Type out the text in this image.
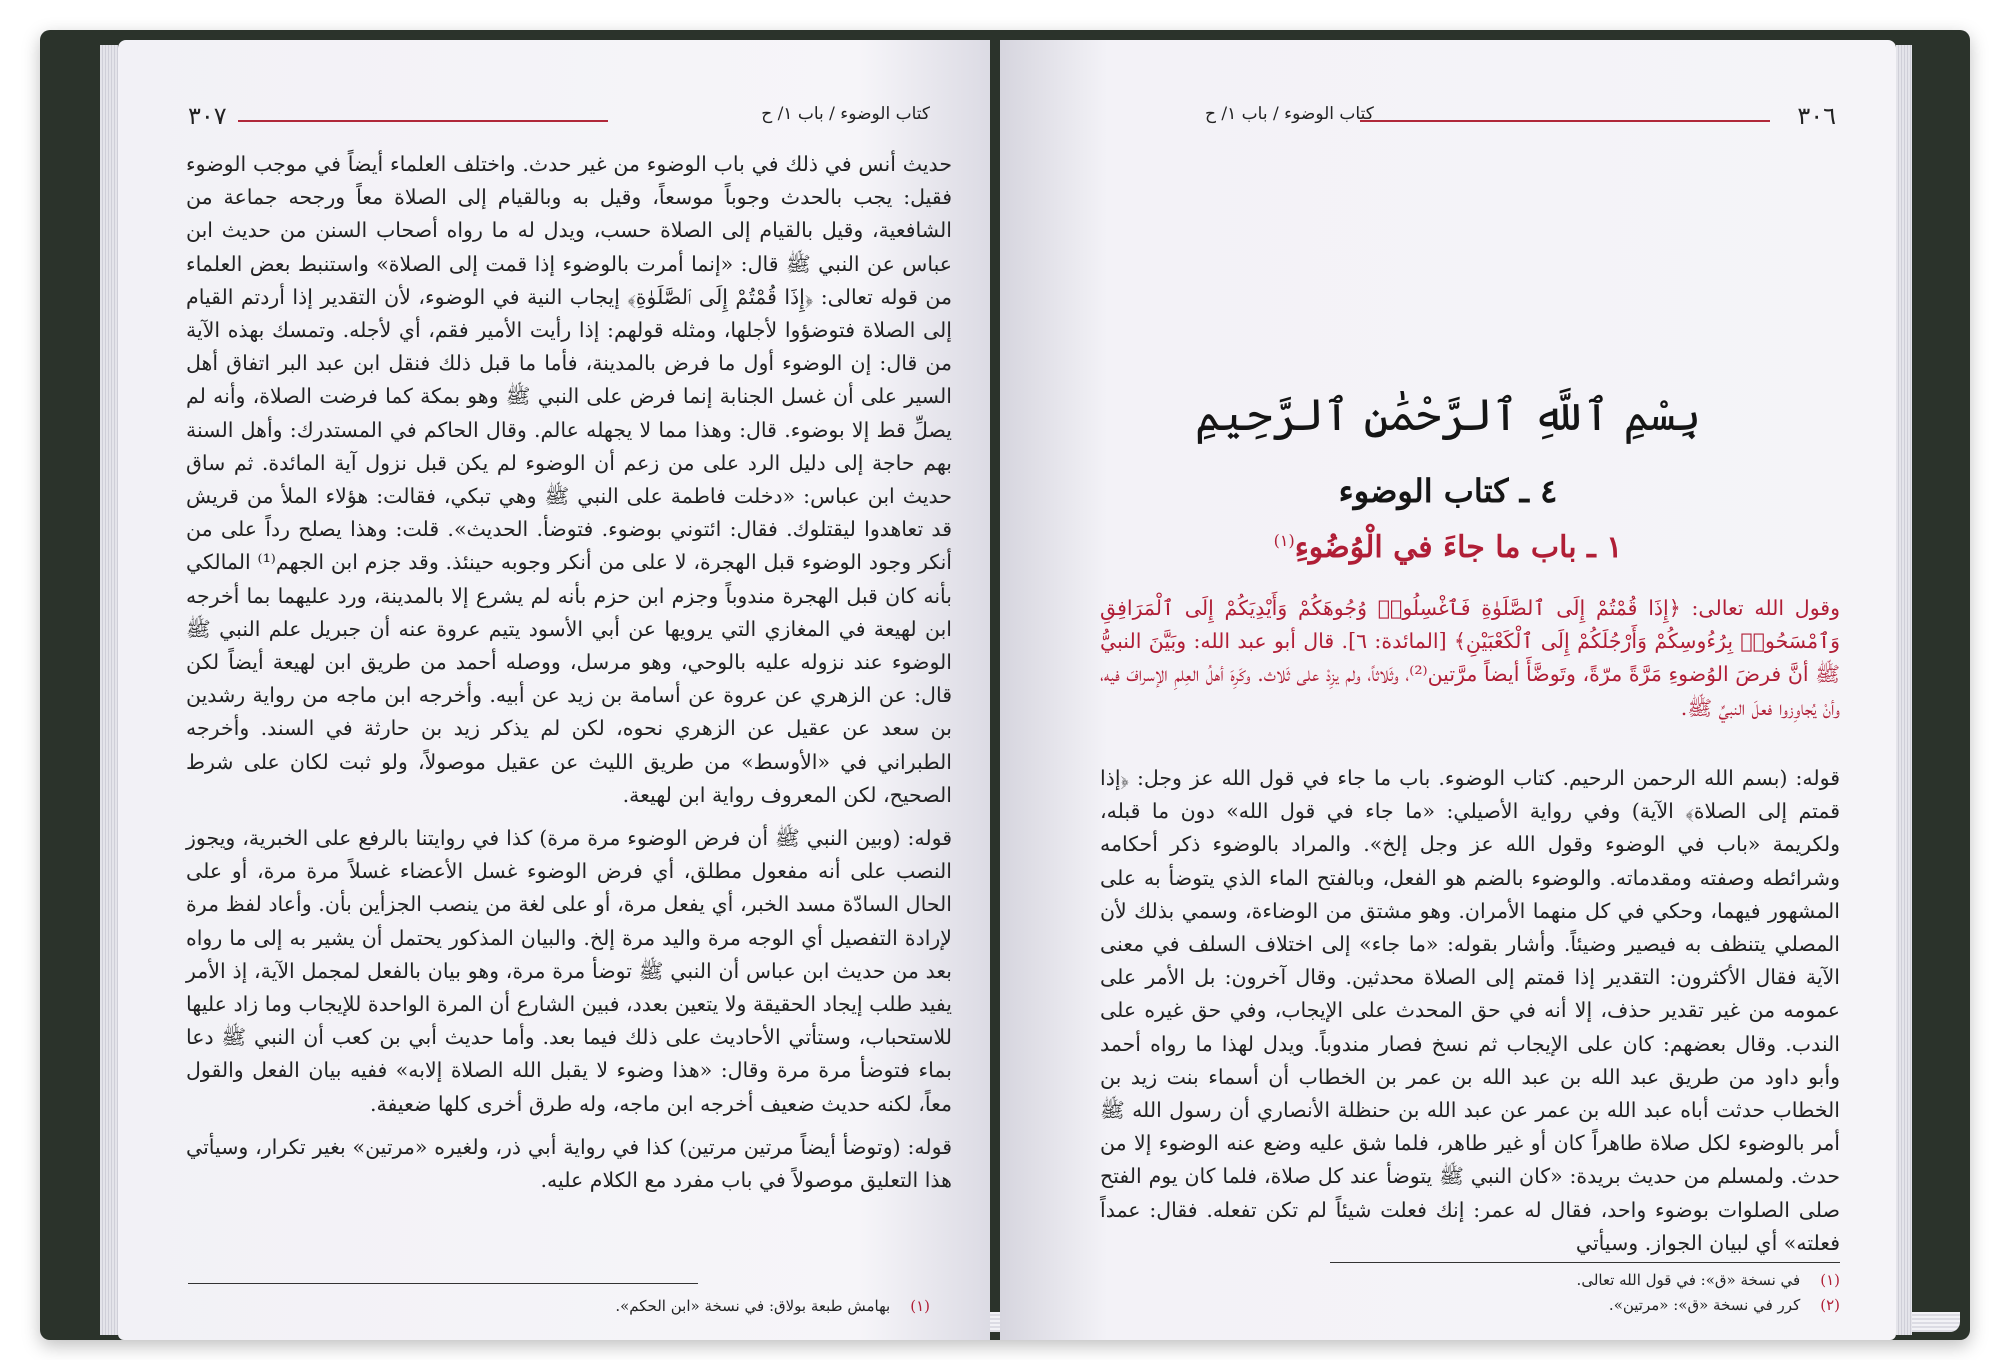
٣٠٧	كتاب الوضوء / باب ١/ ح

حديث أنس في ذلك في باب الوضوء من غير حدث. واختلف العلماء أيضاً في موجب الوضوء فقيل: يجب بالحدث وجوباً موسعاً، وقيل به وبالقيام إلى الصلاة معاً ورجحه جماعة من الشافعية، وقيل بالقيام إلى الصلاة حسب، ويدل له ما رواه أصحاب السنن من حديث ابن عباس عن النبي ﷺ قال: «إنما أمرت بالوضوء إذا قمت إلى الصلاة» واستنبط بعض العلماء من قوله تعالى: ﴿إِذَا قُمْتُمْ إِلَى ٱلصَّلَوٰةِ﴾ إيجاب النية في الوضوء، لأن التقدير إذا أردتم القيام إلى الصلاة فتوضؤوا لأجلها، ومثله قولهم: إذا رأيت الأمير فقم، أي لأجله. وتمسك بهذه الآية من قال: إن الوضوء أول ما فرض بالمدينة، فأما ما قبل ذلك فنقل ابن عبد البر اتفاق أهل السير على أن غسل الجنابة إنما فرض على النبي ﷺ وهو بمكة كما فرضت الصلاة، وأنه لم يصلِّ قط إلا بوضوء. قال: وهذا مما لا يجهله عالم. وقال الحاكم في المستدرك: وأهل السنة بهم حاجة إلى دليل الرد على من زعم أن الوضوء لم يكن قبل نزول آية المائدة. ثم ساق حديث ابن عباس: «دخلت فاطمة على النبي ﷺ وهي تبكي، فقالت: هؤلاء الملأ من قريش قد تعاهدوا ليقتلوك. فقال: ائتوني بوضوء. فتوضأ. الحديث». قلت: وهذا يصلح رداً على من أنكر وجود الوضوء قبل الهجرة، لا على من أنكر وجوبه حينئذ. وقد جزم ابن الجهم⁽¹⁾ المالكي بأنه كان قبل الهجرة مندوباً وجزم ابن حزم بأنه لم يشرع إلا بالمدينة، ورد عليهما بما أخرجه ابن لهيعة في المغازي التي يرويها عن أبي الأسود يتيم عروة عنه أن جبريل علم النبي ﷺ الوضوء عند نزوله عليه بالوحي، وهو مرسل، ووصله أحمد من طريق ابن لهيعة أيضاً لكن قال: عن الزهري عن عروة عن أسامة بن زيد عن أبيه. وأخرجه ابن ماجه من رواية رشدين بن سعد عن عقيل عن الزهري نحوه، لكن لم يذكر زيد بن حارثة في السند. وأخرجه الطبراني في «الأوسط» من طريق الليث عن عقيل موصولاً، ولو ثبت لكان على شرط الصحيح، لكن المعروف رواية ابن لهيعة.

قوله: (وبين النبي ﷺ أن فرض الوضوء مرة مرة) كذا في روايتنا بالرفع على الخبرية، ويجوز النصب على أنه مفعول مطلق، أي فرض الوضوء غسل الأعضاء غسلاً مرة مرة، أو على الحال السادّة مسد الخبر، أي يفعل مرة، أو على لغة من ينصب الجزأين بأن. وأعاد لفظ مرة لإرادة التفصيل أي الوجه مرة واليد مرة إلخ. والبيان المذكور يحتمل أن يشير به إلى ما رواه بعد من حديث ابن عباس أن النبي ﷺ توضأ مرة مرة، وهو بيان بالفعل لمجمل الآية، إذ الأمر يفيد طلب إيجاد الحقيقة ولا يتعين بعدد، فبين الشارع أن المرة الواحدة للإيجاب وما زاد عليها للاستحباب، وستأتي الأحاديث على ذلك فيما بعد. وأما حديث أبي بن كعب أن النبي ﷺ دعا بماء فتوضأ مرة مرة وقال: «هذا وضوء لا يقبل الله الصلاة إلابه» ففيه بيان الفعل والقول معاً، لكنه حديث ضعيف أخرجه ابن ماجه، وله طرق أخرى كلها ضعيفة.

قوله: (وتوضأ أيضاً مرتين مرتين) كذا في رواية أبي ذر، ولغيره «مرتين» بغير تكرار، وسيأتي هذا التعليق موصولاً في باب مفرد مع الكلام عليه.

(١)بهامش طبعة بولاق: في نسخة «ابن الحكم».
٣٠٦
كتاب الوضوء / باب ١/ ح
بِسْمِ ٱللَّهِ ٱلرَّحْمَٰنِ ٱلرَّحِيمِ
٤ ـ كتاب الوضوء
١ ـ باب ما جاءَ في الْوُضُوءِ$^{(١)}$

وقول الله تعالى: ﴿إِذَا قُمْتُمْ إِلَى ٱلصَّلَوٰةِ فَٱغْسِلُوا۟ وُجُوهَكُمْ وَأَيْدِيَكُمْ إِلَى ٱلْمَرَافِقِ وَٱمْسَحُوا۟ بِرُءُوسِكُمْ وَأَرْجُلَكُمْ إِلَى ٱلْكَعْبَيْنِ﴾ [المائدة: ٦]. قال أبو عبد الله: وبَيَّنَ النبيُّ ﷺ أنَّ فرضَ الوُضوءِ مَرَّةً مرّةً، وتَوضَّأَ أيضاً مرَّتين⁽²⁾، وثَلاثاً، ولم يزِدْ على ثَلاث. وكَرِهَ أهلُ العِلمِ الإسرافَ فيه، وأنْ يُجاوِزوا فعلَ النبيِّ ﷺ.

قوله: (بسم الله الرحمن الرحيم. كتاب الوضوء. باب ما جاء في قول الله عز وجل: ﴿إذا قمتم إلى الصلاة﴾ الآية) وفي رواية الأصيلي: «ما جاء في قول الله» دون ما قبله، ولكريمة «باب في الوضوء وقول الله عز وجل إلخ». والمراد بالوضوء ذكر أحكامه وشرائطه وصفته ومقدماته. والوضوء بالضم هو الفعل، وبالفتح الماء الذي يتوضأ به على المشهور فيهما، وحكي في كل منهما الأمران. وهو مشتق من الوضاءة، وسمي بذلك لأن المصلي يتنظف به فيصير وضيئاً. وأشار بقوله: «ما جاء» إلى اختلاف السلف في معنى الآية فقال الأكثرون: التقدير إذا قمتم إلى الصلاة محدثين. وقال آخرون: بل الأمر على عمومه من غير تقدير حذف، إلا أنه في حق المحدث على الإيجاب، وفي حق غيره على الندب. وقال بعضهم: كان على الإيجاب ثم نسخ فصار مندوباً. ويدل لهذا ما رواه أحمد وأبو داود من طريق عبد الله بن عبد الله بن عمر بن الخطاب أن أسماء بنت زيد بن الخطاب حدثت أباه عبد الله بن عمر عن عبد الله بن حنظلة الأنصاري أن رسول الله ﷺ أمر بالوضوء لكل صلاة طاهراً كان أو غير طاهر، فلما شق عليه وضع عنه الوضوء إلا من حدث. ولمسلم من حديث بريدة: «كان النبي ﷺ يتوضأ عند كل صلاة، فلما كان يوم الفتح صلى الصلوات بوضوء واحد، فقال له عمر: إنك فعلت شيئاً لم تكن تفعله. فقال: عمداً فعلته» أي لبيان الجواز. وسيأتي

(١)في نسخة «ق»: في قول الله تعالى.
(٢)كرر في نسخة «ق»: «مرتين».
